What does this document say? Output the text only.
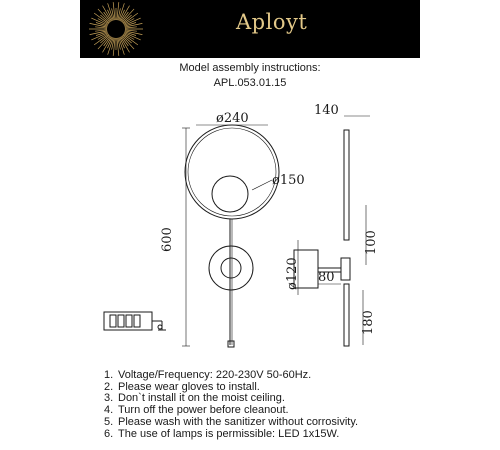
Aployt
Model assembly instructions:
APL.053.01.15
ø240
140
ø150
600
ø120 80
100
180
1. Voltage/Frequency: 220-230V 50-60Hz.
2. Please wear gloves to install.
3. Don`t install it on the moist ceiling.
4. Turn off the power before cleanout.
5. Please wash with the sanitizer without corrosivity.
6. The use of lamps is permissible: LED 1x15W.
